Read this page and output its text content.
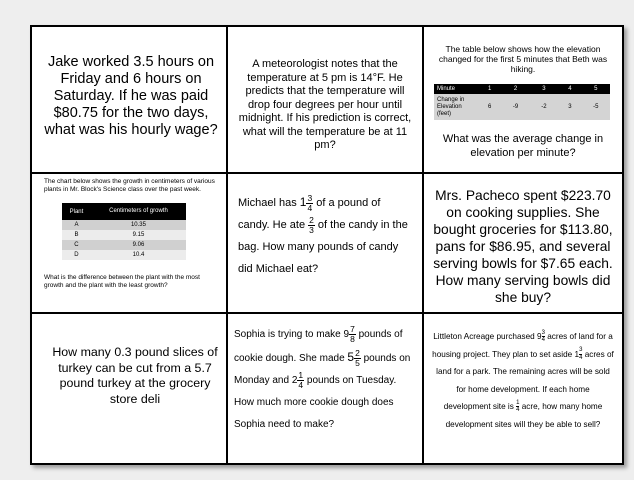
Jake worked 3.5 hours on Friday and 6 hours on Saturday. If he was paid $80.75 for the two days, what was his hourly wage?
A meteorologist notes that the temperature at 5 pm is 14°F. He predicts that the temperature will drop four degrees per hour until midnight. If his prediction is correct, what will the temperature be at 11 pm?
The table below shows how the elevation changed for the first 5 minutes that Beth was hiking.
Minute	1	2	3	4	5
Change in Elevation (feet)	6	-9	-2	3	-5
What was the average change in elevation per minute?
The chart below shows the growth in centimeters of various plants in Mr. Block's Science class over the past week.
Plant	Centimeters of growth
A	10.35
B	9.15
C	9.06
D	10.4
What is the difference between the plant with the most growth and the plant with the least growth?
Michael has $1 \frac{3}{4}$ of a pound of candy. He ate $\frac{2}{3}$ of the candy in the bag. How many pounds of candy did Michael eat?
Mrs. Pacheco spent $223.70 on cooking supplies. She bought groceries for $113.80, pans for $86.95, and several serving bowls for $7.65 each. How many serving bowls did she buy?
How many 0.3 pound slices of turkey can be cut from a 5.7 pound turkey at the grocery store deli
Sophia is trying to make $9 \frac{7}{8}$ pounds of cookie dough. She made $5 \frac{2}{5}$ pounds on Monday and $2 \frac{1}{4}$ pounds on Tuesday. How much more cookie dough does Sophia need to make?
Littleton Acreage purchased $9 \frac{3}{4}$ acres of land for a housing project. They plan to set aside $1 \frac{3}{4}$ acres of land for a park. The remaining acres will be sold for home development. If each home development site is $\frac{1}{4}$ acre, how many home development sites will they be able to sell?
